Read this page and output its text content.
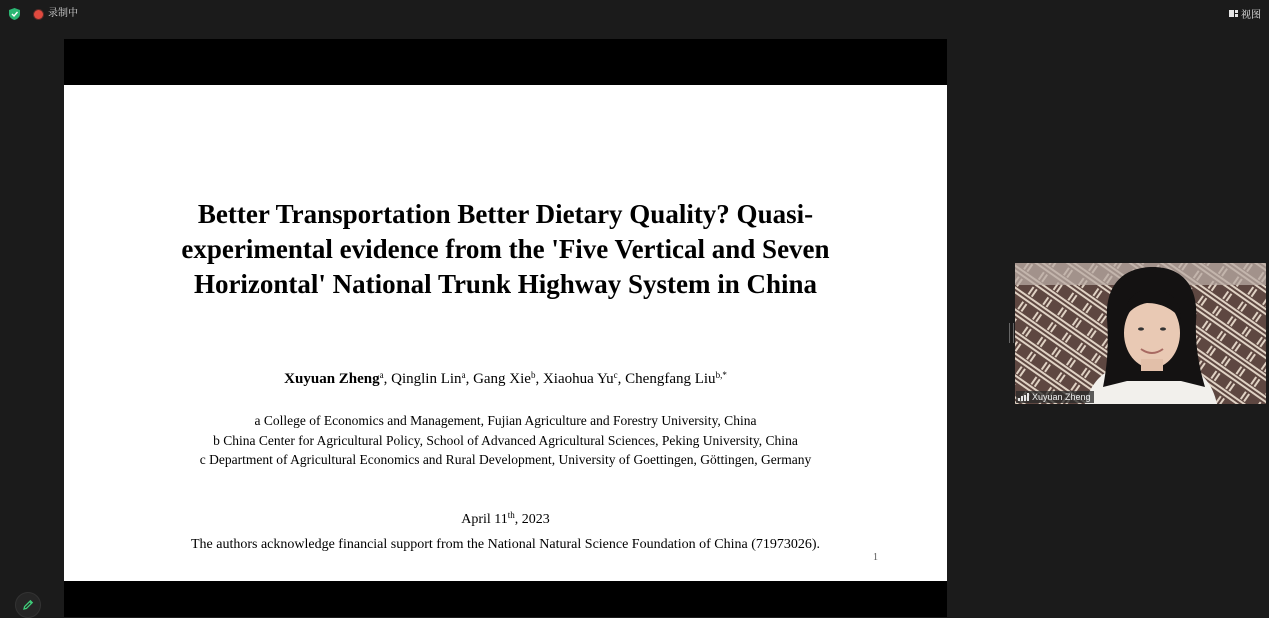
录制中	视图
Better Transportation Better Dietary Quality? Quasi-experimental evidence from the 'Five Vertical and Seven Horizontal' National Trunk Highway System in China
Xuyuan Zheng$^a$, Qinglin Lin$^a$, Gang Xie$^b$, Xiaohua Yu$^c$, Chengfang Liu$^{b,*}$
a College of Economics and Management, Fujian Agriculture and Forestry University, China
b China Center for Agricultural Policy, School of Advanced Agricultural Sciences, Peking University, China
c Department of Agricultural Economics and Rural Development, University of Goettingen, Göttingen, Germany
April 11th, 2023
The authors acknowledge financial support from the National Natural Science Foundation of China (71973026).
1
Xuyuan Zheng
